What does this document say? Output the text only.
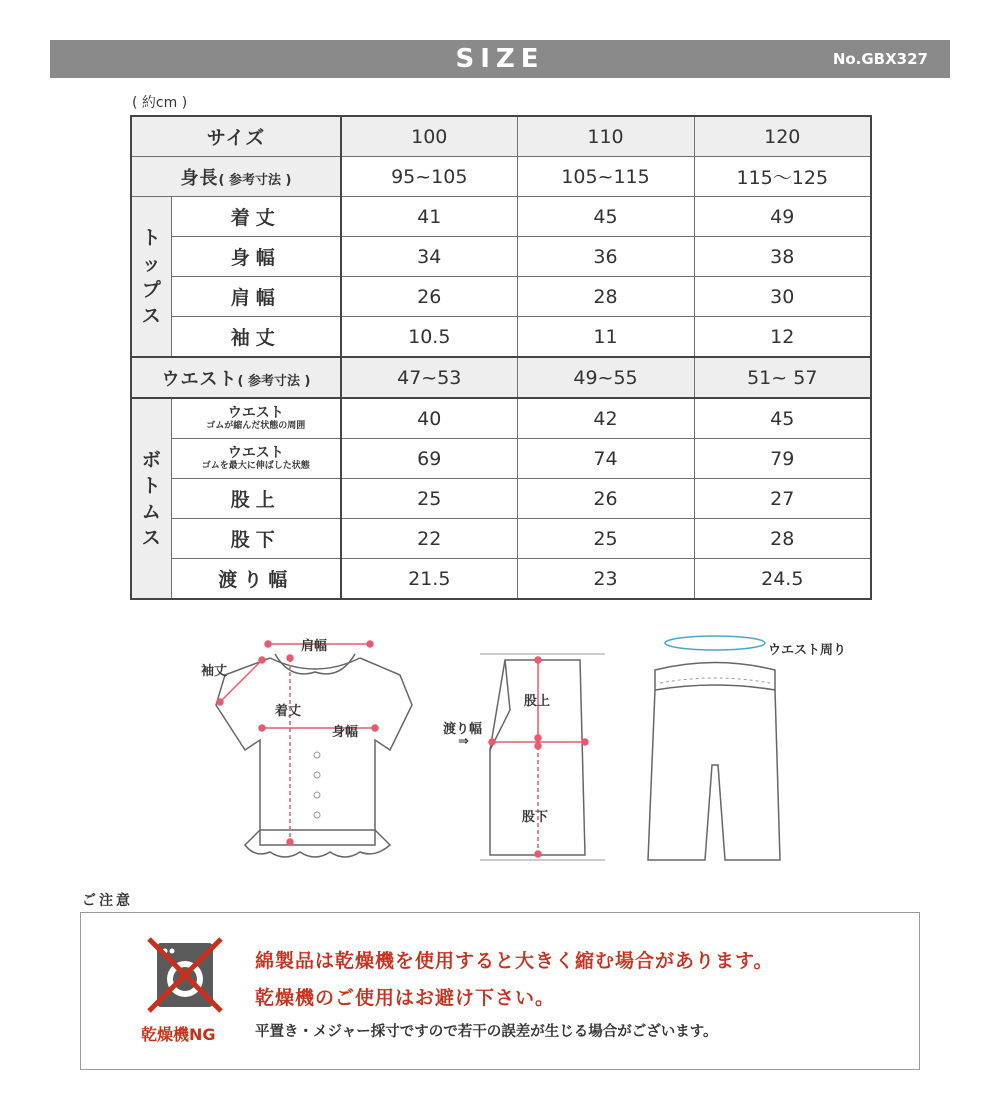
SIZE	No.GBX327
( 約cm )
サイズ		100	110	120
身長( 参考寸法 )		95~105	105~115	115～125
ト
ッ
プ
ス	着丈	41	45	49
	身幅	34	36	38
	肩幅	26	28	30
	袖丈	10.5	11	12
ウエスト( 参考寸法 )		47~53	49~55	51~ 57
ボ
ト
ム
ス	ウエスト
ゴムが縮んだ状態の周囲	40	42	45

	ウエスト
ゴムを最大に伸ばした状態	69	74	79
	股上	25	26	27
	股下	22	25	28
	渡り幅	21.5	23	24.5
肩幅
袖丈
着丈
身幅
股上
渡り幅
⇒
股下
ウエスト周り
ご注意
乾燥機NG
綿製品は乾燥機を使用すると大きく縮む場合があります。
乾燥機のご使用はお避け下さい。
平置き・メジャー採寸ですので若干の誤差が生じる場合がございます。
